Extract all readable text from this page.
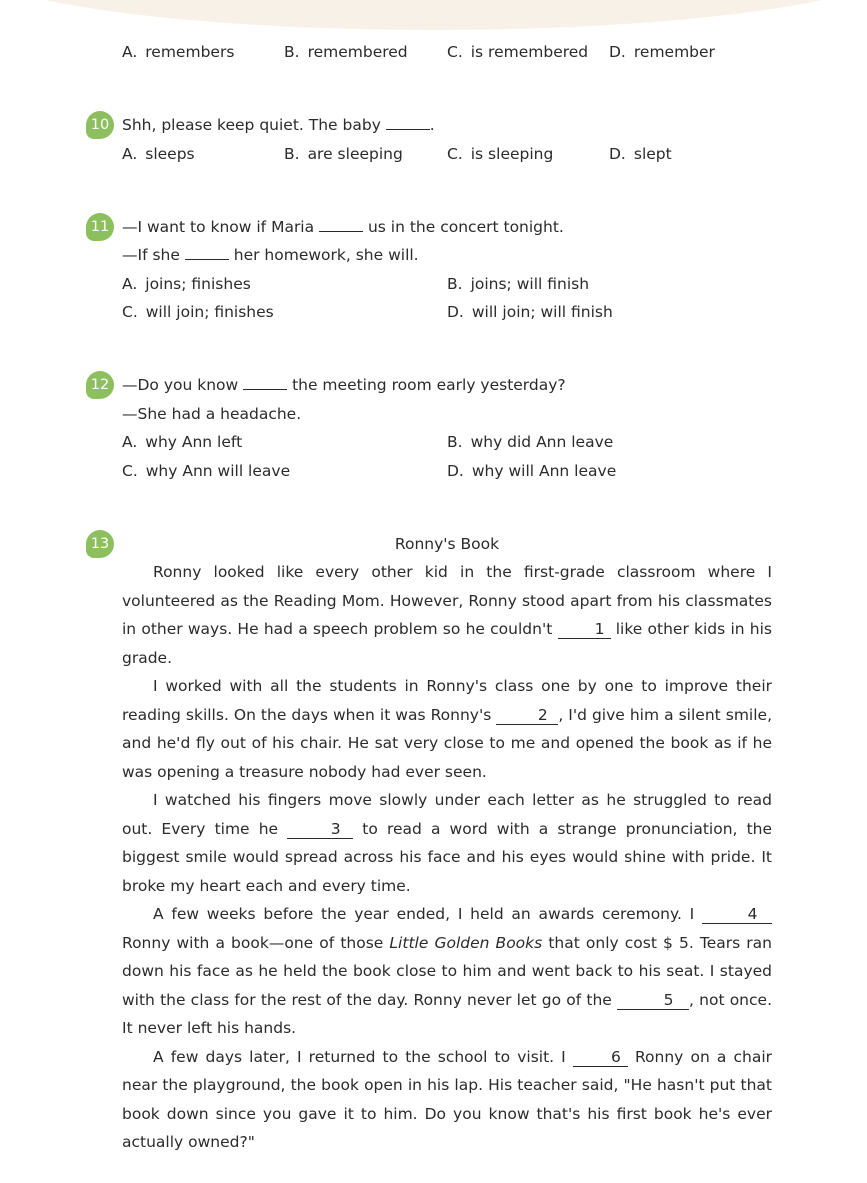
A. remembers	B. remembered	C. is remembered D. remember
10 Shh, please keep quiet. The baby	.
A. sleeps	B. are sleeping	C. is sleeping	D. slept
11 —I want to know if Maria	us in the concert tonight.
—If she	her homework, she will.
A. joins; finishes	B. joins; will finish
C. will join; finishes	D. will join; will finish
12 —Do you know	the meeting room early yesterday?
—She had a headache.
A. why Ann left	B. why did Ann leave
C. why Ann will leave	D. why will Ann leave
13	Ronny's Book

Ronny looked like every other kid in the first-grade classroom where I volunteered as the Reading Mom. However, Ronny stood apart from his classmates in other ways. He had a speech problem so he couldn't 1 like other kids in his grade.

I worked with all the students in Ronny's class one by one to improve their reading skills. On the days when it was Ronny's	2 , I'd give him a silent smile, and he'd fly out of his chair. He sat very close to me and opened the book as if he was opening a treasure nobody had ever seen.

I watched his fingers move slowly under each letter as he struggled to read out. Every time he	3 to read a word with a strange pronunciation, the biggest smile would spread across his face and his eyes would shine with pride. It broke my heart each and every time.

A few weeks before the year ended, I held an awards ceremony. I	4 Ronny with a book—one of those Little Golden Books that only cost $ 5. Tears ran down his face as he held the book close to him and went back to his seat. I stayed with the class for the rest of the day. Ronny never let go of the	5 , not once. It never left his hands.

A few days later, I returned to the school to visit. I 6 Ronny on a chair near the playground, the book open in his lap. His teacher said, "He hasn't put that book down since you gave it to him. Do you know that's his first book he's ever actually owned?"
